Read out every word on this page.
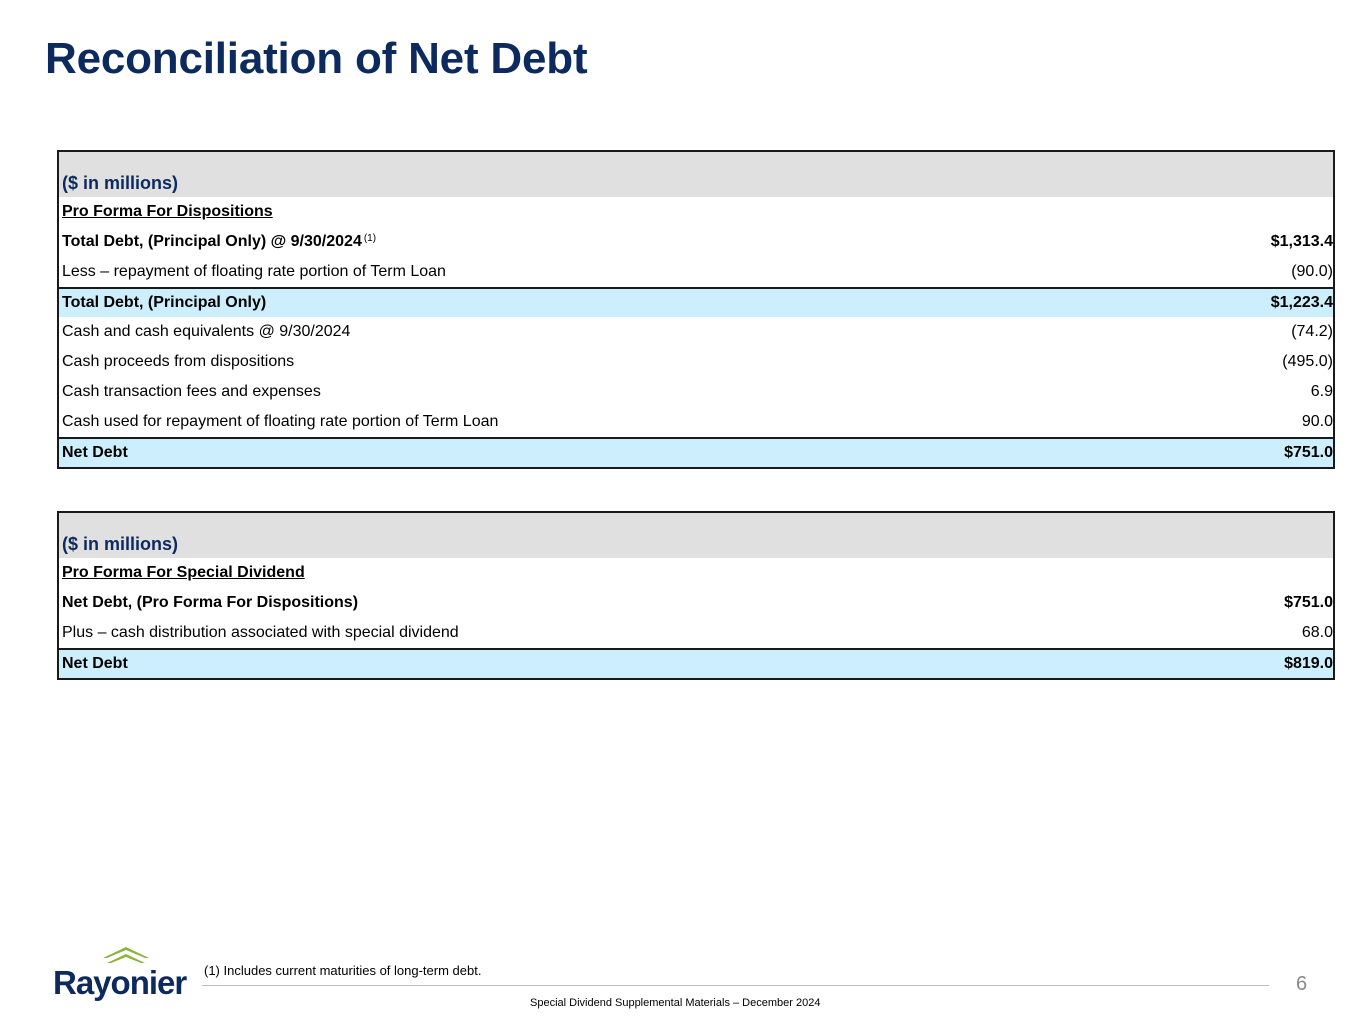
Reconciliation of Net Debt
($ in millions)
Pro Forma For Dispositions
Total Debt, (Principal Only) @ 9/30/2024 $^{(1)}$	$1,313.4
Less – repayment of floating rate portion of Term Loan	(90.0)
Total Debt, (Principal Only)	$1,223.4
Cash and cash equivalents @ 9/30/2024	(74.2)
Cash proceeds from dispositions	(495.0)
Cash transaction fees and expenses	6.9
Cash used for repayment of floating rate portion of Term Loan	90.0
Net Debt	$751.0
($ in millions)
Pro Forma For Special Dividend
Net Debt, (Pro Forma For Dispositions)	$751.0
Plus – cash distribution associated with special dividend	68.0
Net Debt	$819.0
Rayonier (1) Includes current maturities of long-term debt.
Special Dividend Supplemental Materials – December 2024
6
